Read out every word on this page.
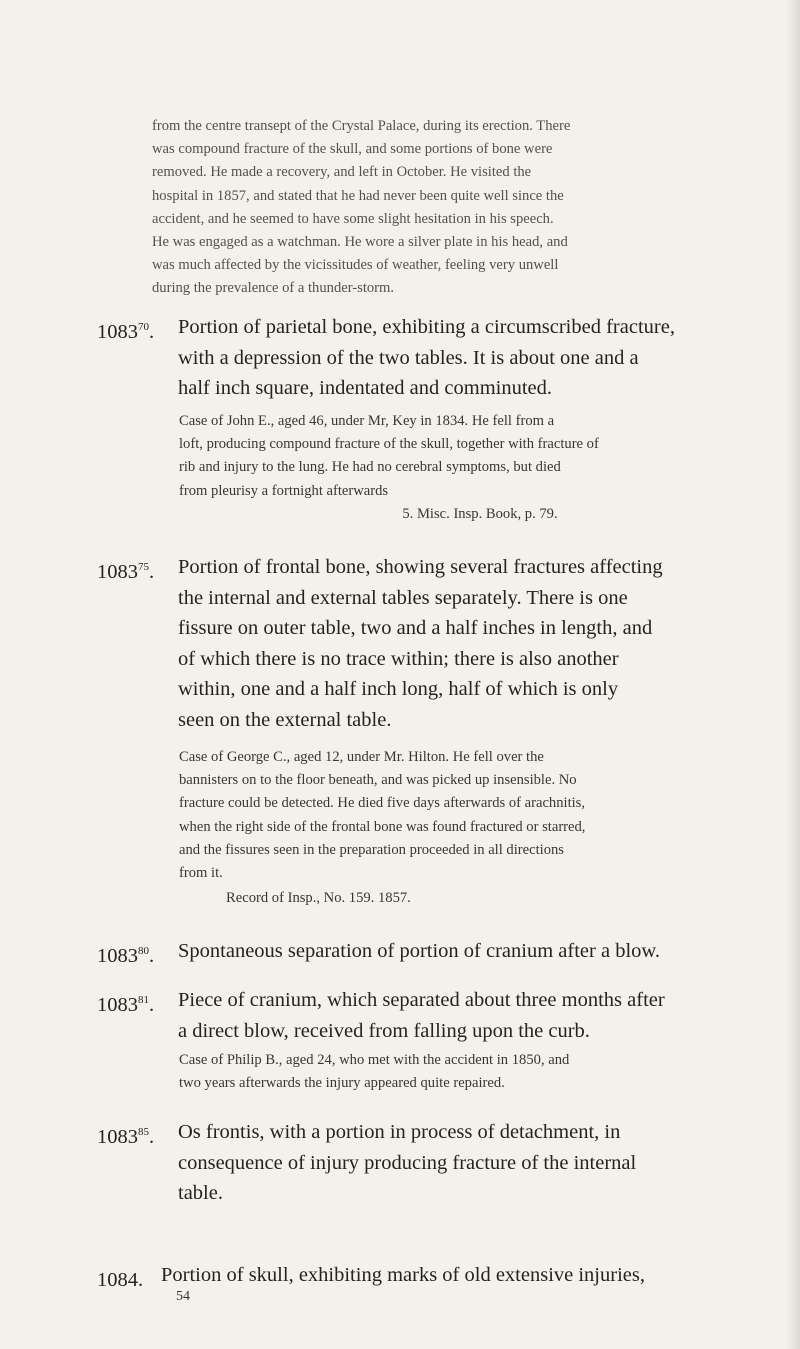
from the centre transept of the Crystal Palace, during its erection. There
was compound fracture of the skull, and some portions of bone were
removed. He made a recovery, and left in October. He visited the
hospital in 1857, and stated that he had never been quite well since the
accident, and he seemed to have some slight hesitation in his speech.
He was engaged as a watchman. He wore a silver plate in his head, and
was much affected by the vicissitudes of weather, feeling very unwell
during the prevalence of a thunder-storm.
1083$^{70}$. Portion of parietal bone, exhibiting a circumscribed fracture,
with a depression of the two tables. It is about one and a
half inch square, indentated and comminuted.
Case of John E., aged 46, under Mr, Key in 1834. He fell from a
loft, producing compound fracture of the skull, together with fracture of
rib and injury to the lung. He had no cerebral symptoms, but died
from pleurisy a fortnight afterwards
5. Misc. Insp. Book, p. 79.
1083$^{75}$. Portion of frontal bone, showing several fractures affecting
the internal and external tables separately. There is one
fissure on outer table, two and a half inches in length, and
of which there is no trace within; there is also another
within, one and a half inch long, half of which is only
seen on the external table.
Case of George C., aged 12, under Mr. Hilton. He fell over the
bannisters on to the floor beneath, and was picked up insensible. No
fracture could be detected. He died five days afterwards of arachnitis,
when the right side of the frontal bone was found fractured or starred,
and the fissures seen in the preparation proceeded in all directions
from it.
Record of Insp., No. 159. 1857.
1083$^{80}$. Spontaneous separation of portion of cranium after a blow.
1083$^{81}$. Piece of cranium, which separated about three months after
a direct blow, received from falling upon the curb.
Case of Philip B., aged 24, who met with the accident in 1850, and
two years afterwards the injury appeared quite repaired.
1083$^{85}$. Os frontis, with a portion in process of detachment, in
consequence of injury producing fracture of the internal
table.
1084. Portion of skull, exhibiting marks of old extensive injuries,
54
